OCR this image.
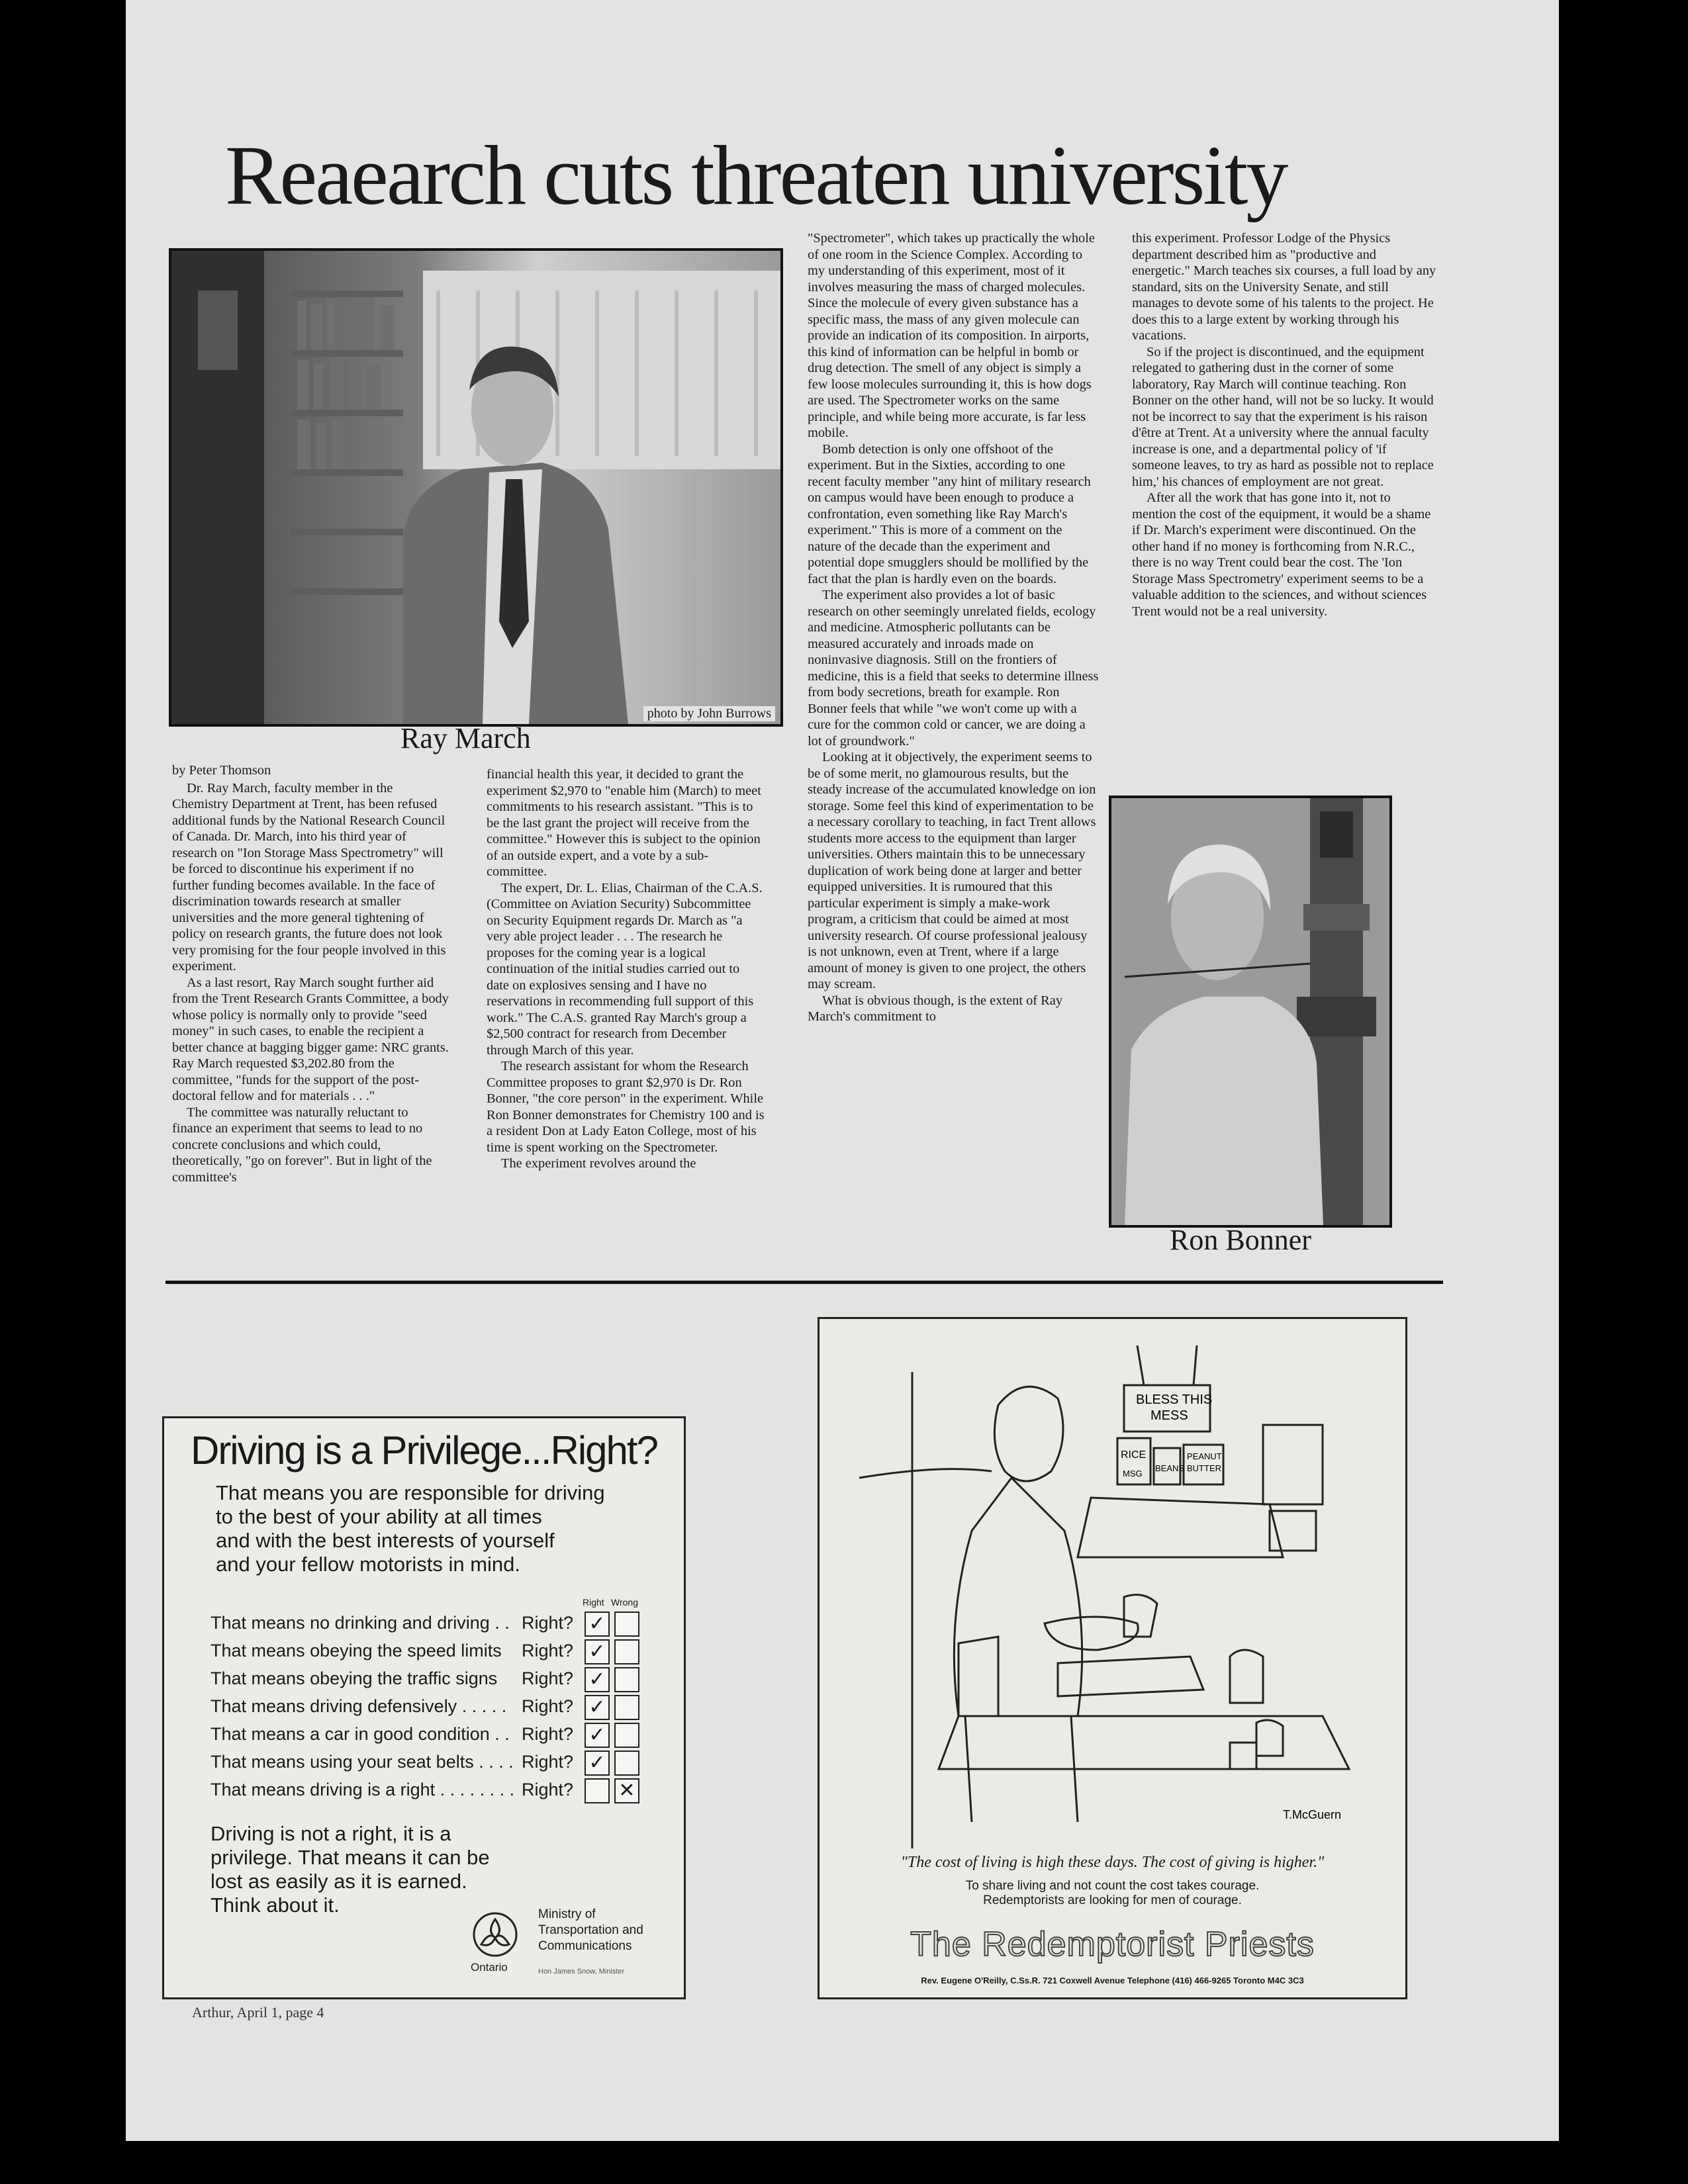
Reaearch cuts threaten university
photo by John Burrows
Ray March

by Peter Thomson

Dr. Ray March, faculty member in the Chemistry Department at Trent, has been refused additional funds by the National Research Council of Canada. Dr. March, into his third year of research on "Ion Storage Mass Spectrometry" will be forced to discontinue his experiment if no further funding becomes available. In the face of discrimination towards research at smaller universities and the more general tightening of policy on research grants, the future does not look very promising for the four people involved in this experiment.

As a last resort, Ray March sought further aid from the Trent Research Grants Committee, a body whose policy is normally only to provide "seed money" in such cases, to enable the recipient a better chance at bagging bigger game: NRC grants. Ray March requested $3,202.80 from the committee, "funds for the support of the post-doctoral fellow and for materials . . ."

The committee was naturally reluctant to finance an experiment that seems to lead to no concrete conclusions and which could, theoretically, "go on forever". But in light of the committee's

financial health this year, it decided to grant the experiment $2,970 to "enable him (March) to meet commitments to his research assistant. "This is to be the last grant the project will receive from the committee." However this is subject to the opinion of an outside expert, and a vote by a sub-committee.

The expert, Dr. L. Elias, Chairman of the C.A.S. (Committee on Aviation Security) Subcommittee on Security Equipment regards Dr. March as "a very able project leader . . . The research he proposes for the coming year is a logical continuation of the initial studies carried out to date on explosives sensing and I have no reservations in recommending full support of this work." The C.A.S. granted Ray March's group a $2,500 contract for research from December through March of this year.

The research assistant for whom the Research Committee proposes to grant $2,970 is Dr. Ron Bonner, "the core person" in the experiment. While Ron Bonner demonstrates for Chemistry 100 and is a resident Don at Lady Eaton College, most of his time is spent working on the Spectrometer.

The experiment revolves around the

"Spectrometer", which takes up practically the whole of one room in the Science Complex. According to my understanding of this experiment, most of it involves measuring the mass of charged molecules. Since the molecule of every given substance has a specific mass, the mass of any given molecule can provide an indication of its composition. In airports, this kind of information can be helpful in bomb or drug detection. The smell of any object is simply a few loose molecules surrounding it, this is how dogs are used. The Spectrometer works on the same principle, and while being more accurate, is far less mobile.

Bomb detection is only one offshoot of the experiment. But in the Sixties, according to one recent faculty member "any hint of military research on campus would have been enough to produce a confrontation, even something like Ray March's experiment." This is more of a comment on the nature of the decade than the experiment and potential dope smugglers should be mollified by the fact that the plan is hardly even on the boards.

The experiment also provides a lot of basic research on other seemingly unrelated fields, ecology and medicine. Atmospheric pollutants can be measured accurately and inroads made on noninvasive diagnosis. Still on the frontiers of medicine, this is a field that seeks to determine illness from body secretions, breath for example. Ron Bonner feels that while "we won't come up with a cure for the common cold or cancer, we are doing a lot of groundwork."

Looking at it objectively, the experiment seems to be of some merit, no glamourous results, but the steady increase of the accumulated knowledge on ion storage. Some feel this kind of experimentation to be a necessary corollary to teaching, in fact Trent allows students more access to the equipment than larger universities. Others maintain this to be unnecessary duplication of work being done at larger and better equipped universities. It is rumoured that this particular experiment is simply a make-work program, a criticism that could be aimed at most university research. Of course professional jealousy is not unknown, even at Trent, where if a large amount of money is given to one project, the others may scream.

What is obvious though, is the extent of Ray March's commitment to

this experiment. Professor Lodge of the Physics department described him as "productive and energetic." March teaches six courses, a full load by any standard, sits on the University Senate, and still manages to devote some of his talents to the project. He does this to a large extent by working through his vacations.

So if the project is discontinued, and the equipment relegated to gathering dust in the corner of some laboratory, Ray March will continue teaching. Ron Bonner on the other hand, will not be so lucky. It would not be incorrect to say that the experiment is his raison d'être at Trent. At a university where the annual faculty increase is one, and a departmental policy of 'if someone leaves, to try as hard as possible not to replace him,' his chances of employment are not great.

After all the work that has gone into it, not to mention the cost of the equipment, it would be a shame if Dr. March's experiment were discontinued. On the other hand if no money is forthcoming from N.R.C., there is no way Trent could bear the cost. The 'Ion Storage Mass Spectrometry' experiment seems to be a valuable addition to the sciences, and without sciences Trent would not be a real university.

Ron Bonner
Driving is a Privilege...Right?

That means you are responsible for driving

to the best of your ability at all times

and with the best interests of yourself

and your fellow motorists in mind.

Right Wrong
That means no drinking and driving . . Right? ✓
That means obeying the speed limits Right? ✓
That means obeying the traffic signs Right? ✓
That means driving defensively . . . . . Right? ✓
That means a car in good condition . . Right? ✓
That means using your seat belts . . . . Right? ✓
That means driving is a right . . . . . . . . Right? ✕

Driving is not a right, it is a

privilege. That means it can be

lost as easily as it is earned.

Think about it.

Ontario

Ministry of

Transportation and

Communications

Hon James Snow, Minister
BLESS THIS
MESS
RICE
MSG
BEANS
PEANUT
BUTTER
T.McGuern
"The cost of living is high these days. The cost of giving is higher."

To share living and not count the cost takes courage.

Redemptorists are looking for men of courage.

The Redemptorist Priests
Rev. Eugene O'Reilly, C.Ss.R. 721 Coxwell Avenue Telephone (416) 466-9265 Toronto M4C 3C3
Arthur, April 1, page 4
